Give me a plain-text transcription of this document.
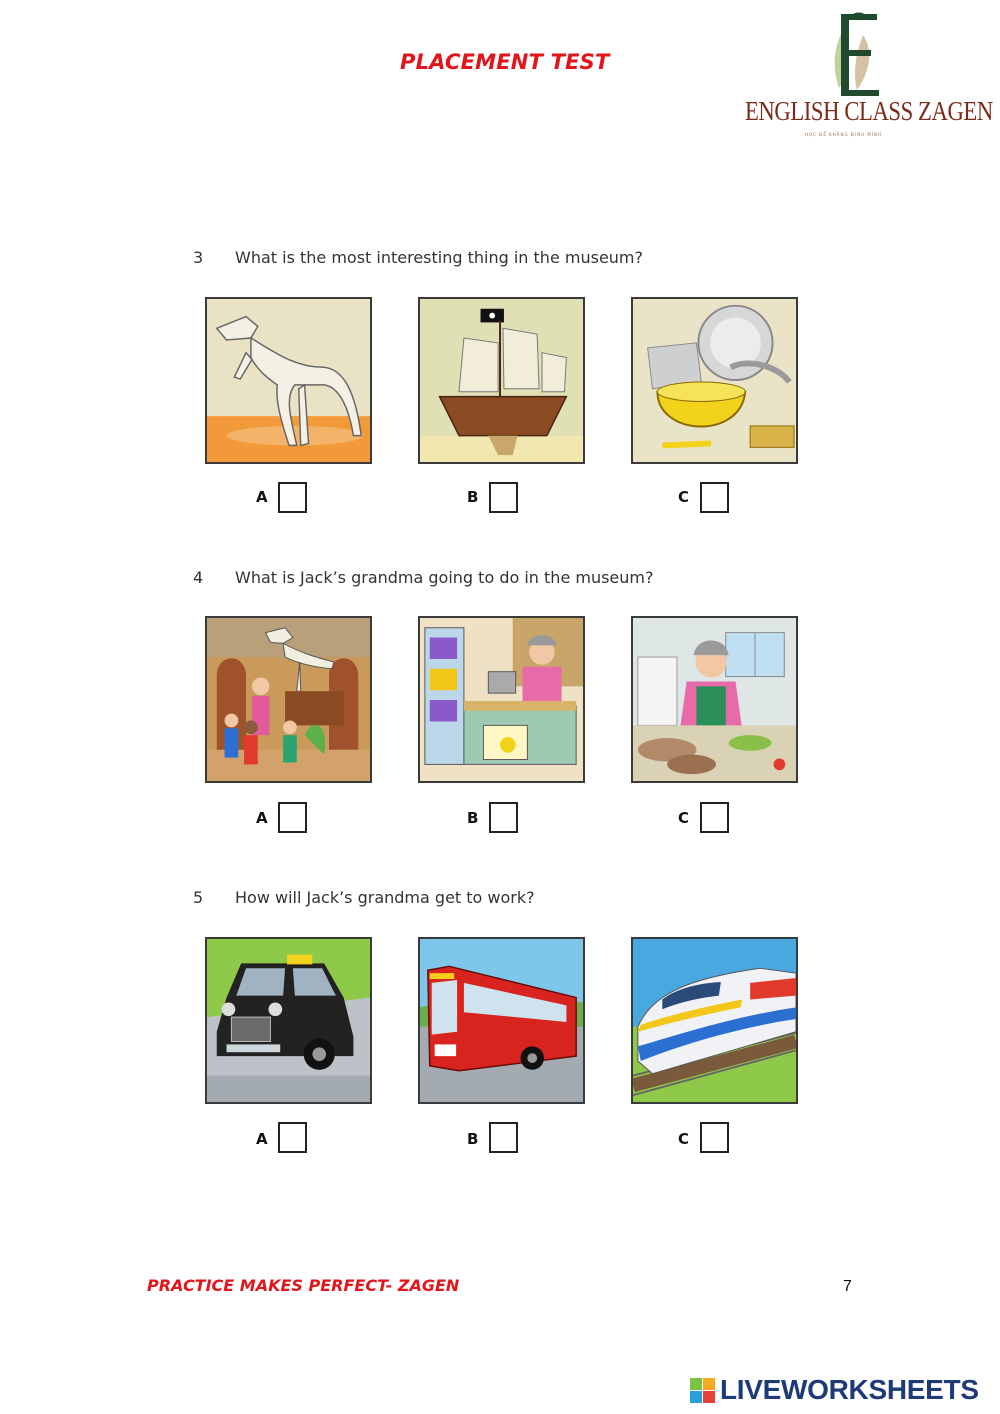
PLACEMENT TEST
ENGLISH CLASS ZAGEN
HỌC ĐỂ KHẲNG ĐỊNH MÌNH
3 What is the most interesting thing in the museum?
A	B	C
4 What is Jack’s grandma going to do in the museum?
A	B	C
5 How will Jack’s grandma get to work?
A	B	C
PRACTICE MAKES PERFECT- ZAGEN	7
LIVEWORKSHEETS
